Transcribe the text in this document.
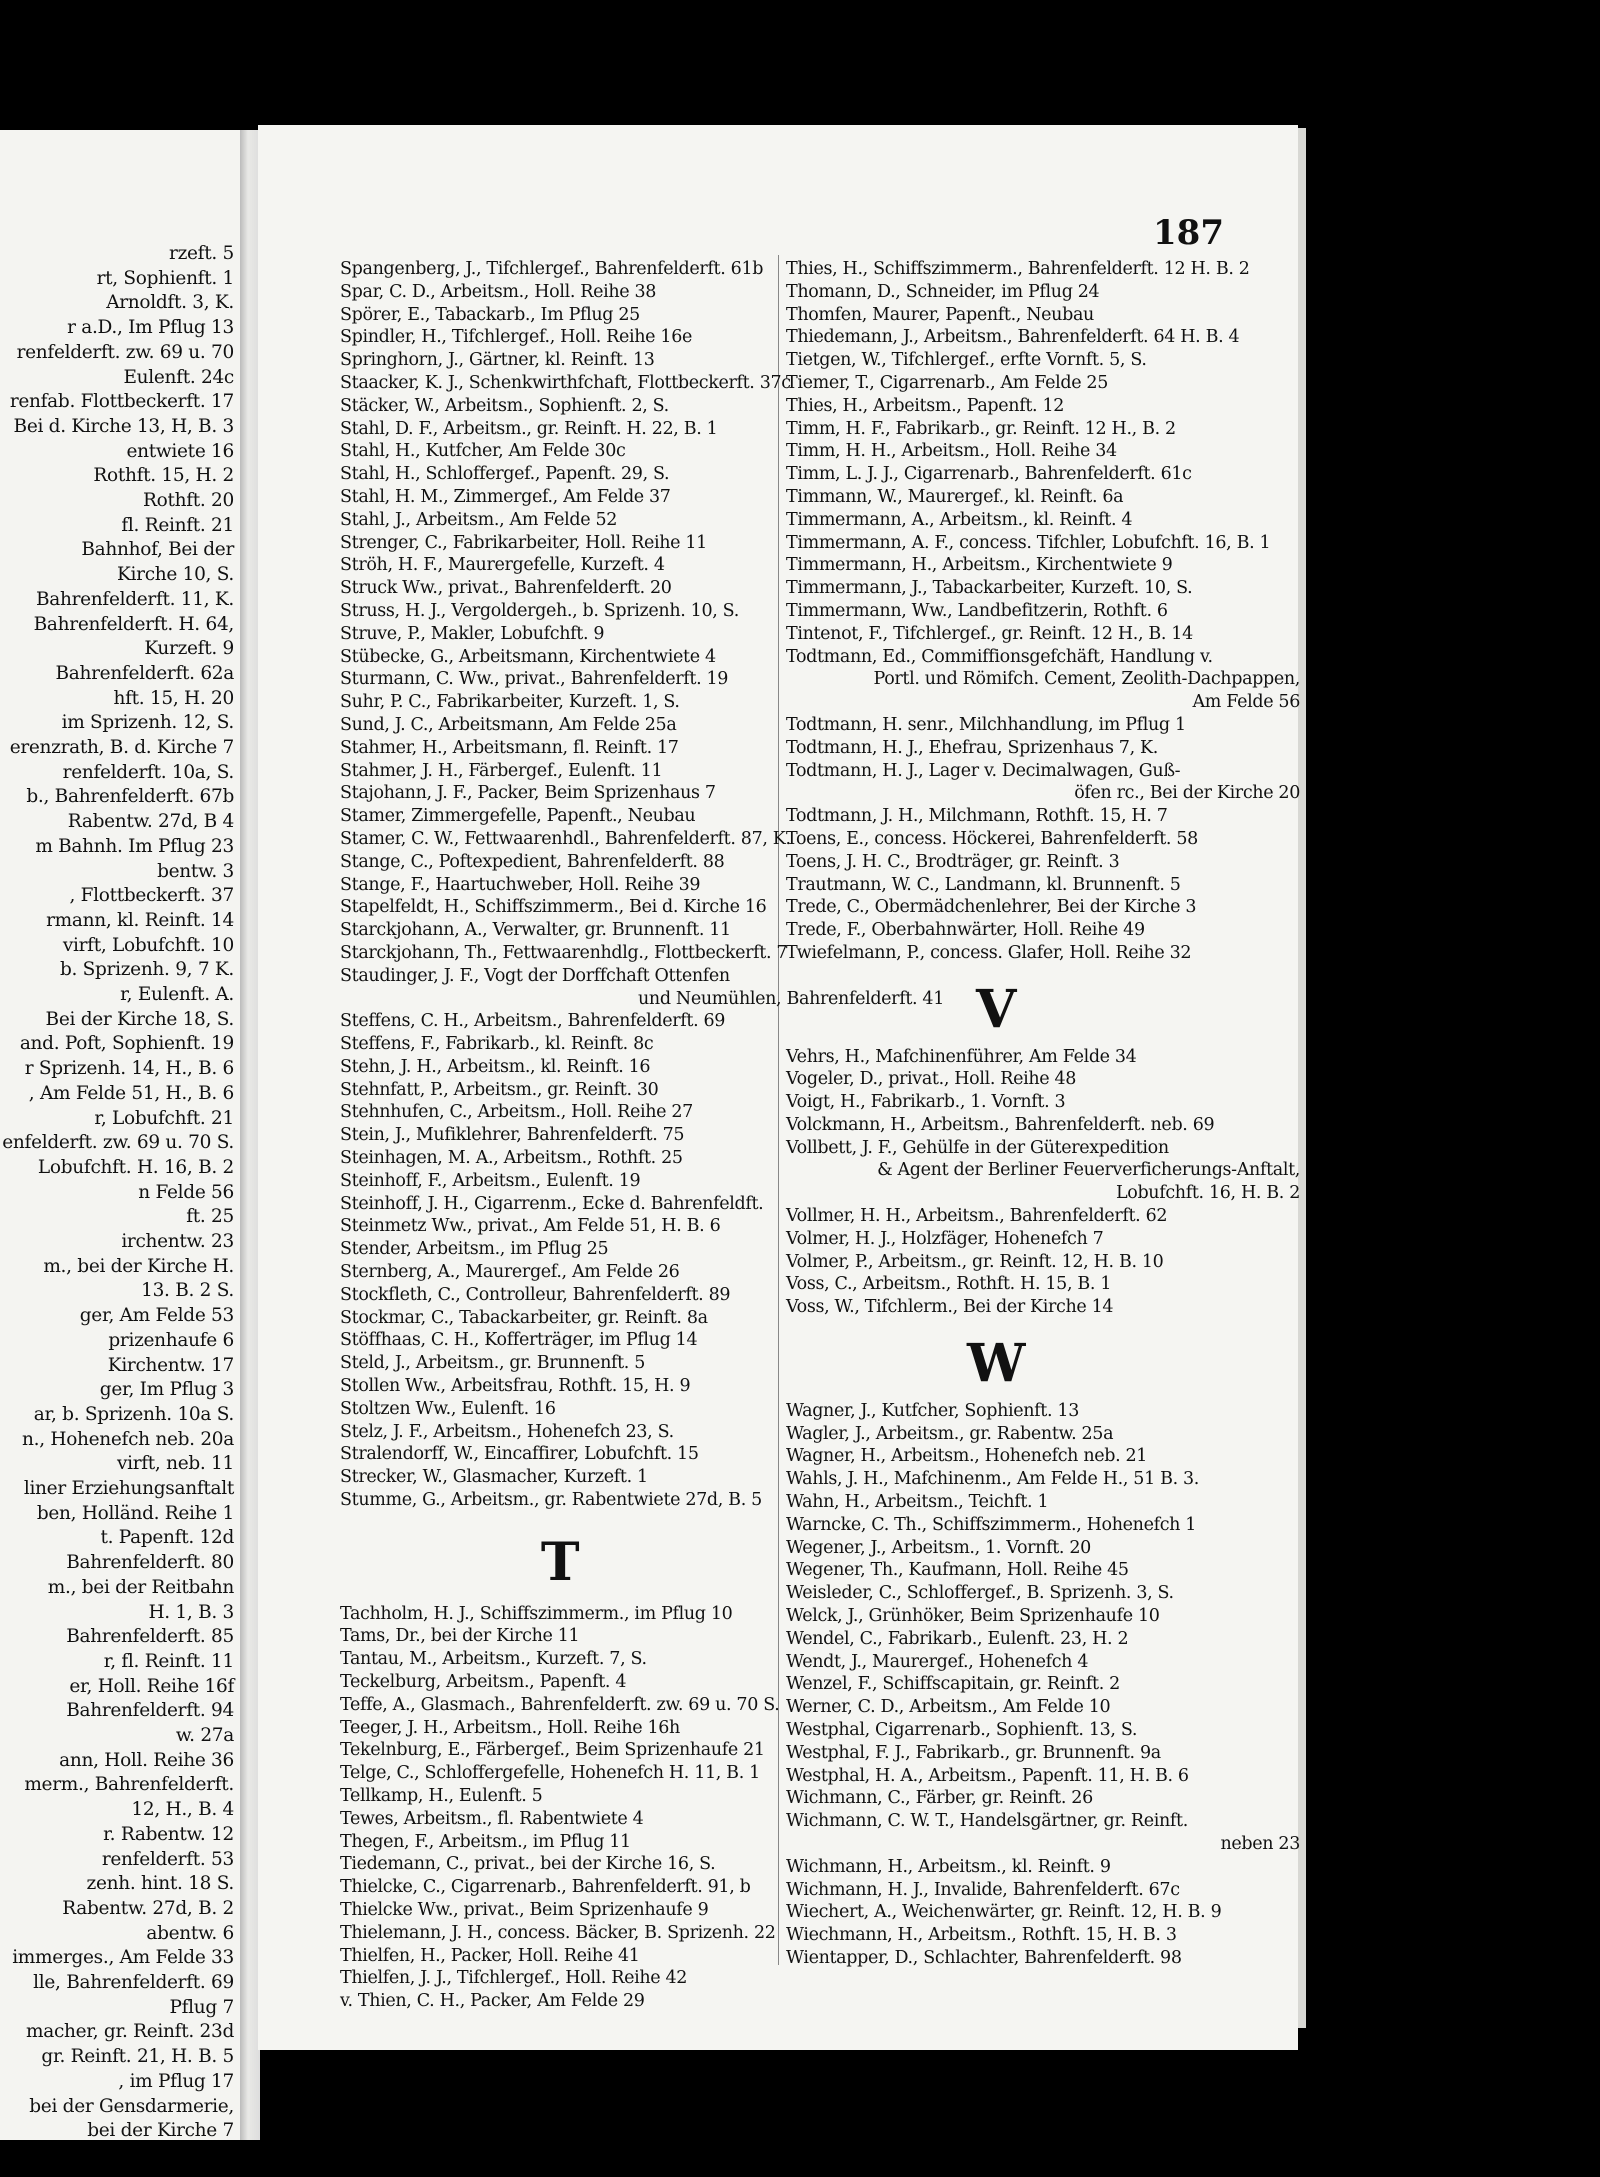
rzeft. 5
rt, Sophienft. 1
Arnoldft. 3, K.
r a.D., Im Pflug 13
renfelderft. zw. 69 u. 70
Eulenft. 24c
renfab. Flottbeckerft. 17
Bei d. Kirche 13, H, B. 3
entwiete 16
Rothft. 15, H. 2
Rothft. 20
fl. Reinft. 21
Bahnhof, Bei der
Kirche 10, S.
Bahrenfelderft. 11, K.
Bahrenfelderft. H. 64,
Kurzeft. 9
Bahrenfelderft. 62a
hft. 15, H. 20
im Sprizenh. 12, S.
erenzrath, B. d. Kirche 7
renfelderft. 10a, S.
b., Bahrenfelderft. 67b
Rabentw. 27d, B 4
m Bahnh. Im Pflug 23
bentw. 3
, Flottbeckerft. 37
rmann, kl. Reinft. 14
virft, Lobufchft. 10
b. Sprizenh. 9, 7 K.
r, Eulenft. A.
Bei der Kirche 18, S.
and. Poft, Sophienft. 19
r Sprizenh. 14, H., B. 6
, Am Felde 51, H., B. 6
r, Lobufchft. 21
enfelderft. zw. 69 u. 70 S.
Lobufchft. H. 16, B. 2
n Felde 56
ft. 25
irchentw. 23
m., bei der Kirche H.
13. B. 2 S.
ger, Am Felde 53
prizenhaufe 6
Kirchentw. 17
ger, Im Pflug 3
ar, b. Sprizenh. 10a S.
n., Hohenefch neb. 20a
virft, neb. 11
liner Erziehungsanftalt
ben, Holländ. Reihe 1
t. Papenft. 12d
Bahrenfelderft. 80
m., bei der Reitbahn
H. 1, B. 3
Bahrenfelderft. 85
r, fl. Reinft. 11
er, Holl. Reihe 16f
Bahrenfelderft. 94
w. 27a
ann, Holl. Reihe 36
merm., Bahrenfelderft.
12, H., B. 4
r. Rabentw. 12
renfelderft. 53
zenh. hint. 18 S.
Rabentw. 27d, B. 2
abentw. 6
immerges., Am Felde 33
lle, Bahrenfelderft. 69
Pflug 7
macher, gr. Reinft. 23d
gr. Reinft. 21, H. B. 5
, im Pflug 17
bei der Gensdarmerie,
bei der Kirche 7
187
Spangenberg, J., Tifchlergef., Bahrenfelderft. 61b
Spar, C. D., Arbeitsm., Holl. Reihe 38
Spörer, E., Tabackarb., Im Pflug 25
Spindler, H., Tifchlergef., Holl. Reihe 16e
Springhorn, J., Gärtner, kl. Reinft. 13
Staacker, K. J., Schenkwirthfchaft, Flottbeckerft. 37c
Stäcker, W., Arbeitsm., Sophienft. 2, S.
Stahl, D. F., Arbeitsm., gr. Reinft. H. 22, B. 1
Stahl, H., Kutfcher, Am Felde 30c
Stahl, H., Schloffergef., Papenft. 29, S.
Stahl, H. M., Zimmergef., Am Felde 37
Stahl, J., Arbeitsm., Am Felde 52
Strenger, C., Fabrikarbeiter, Holl. Reihe 11
Ströh, H. F., Maurergefelle, Kurzeft. 4
Struck Ww., privat., Bahrenfelderft. 20
Struss, H. J., Vergoldergeh., b. Sprizenh. 10, S.
Struve, P., Makler, Lobufchft. 9
Stübecke, G., Arbeitsmann, Kirchentwiete 4
Sturmann, C. Ww., privat., Bahrenfelderft. 19
Suhr, P. C., Fabrikarbeiter, Kurzeft. 1, S.
Sund, J. C., Arbeitsmann, Am Felde 25a
Stahmer, H., Arbeitsmann, fl. Reinft. 17
Stahmer, J. H., Färbergef., Eulenft. 11
Stajohann, J. F., Packer, Beim Sprizenhaus 7
Stamer, Zimmergefelle, Papenft., Neubau
Stamer, C. W., Fettwaarenhdl., Bahrenfelderft. 87, K.
Stange, C., Poftexpedient, Bahrenfelderft. 88
Stange, F., Haartuchweber, Holl. Reihe 39
Stapelfeldt, H., Schiffszimmerm., Bei d. Kirche 16
Starckjohann, A., Verwalter, gr. Brunnenft. 11
Starckjohann, Th., Fettwaarenhdlg., Flottbeckerft. 7
Staudinger, J. F., Vogt der Dorffchaft Ottenfen
und Neumühlen, Bahrenfelderft. 41
Steffens, C. H., Arbeitsm., Bahrenfelderft. 69
Steffens, F., Fabrikarb., kl. Reinft. 8c
Stehn, J. H., Arbeitsm., kl. Reinft. 16
Stehnfatt, P., Arbeitsm., gr. Reinft. 30
Stehnhufen, C., Arbeitsm., Holl. Reihe 27
Stein, J., Mufiklehrer, Bahrenfelderft. 75
Steinhagen, M. A., Arbeitsm., Rothft. 25
Steinhoff, F., Arbeitsm., Eulenft. 19
Steinhoff, J. H., Cigarrenm., Ecke d. Bahrenfeldft.
Steinmetz Ww., privat., Am Felde 51, H. B. 6
Stender, Arbeitsm., im Pflug 25
Sternberg, A., Maurergef., Am Felde 26
Stockfleth, C., Controlleur, Bahrenfelderft. 89
Stockmar, C., Tabackarbeiter, gr. Reinft. 8a
Stöffhaas, C. H., Kofferträger, im Pflug 14
Steld, J., Arbeitsm., gr. Brunnenft. 5
Stollen Ww., Arbeitsfrau, Rothft. 15, H. 9
Stoltzen Ww., Eulenft. 16
Stelz, J. F., Arbeitsm., Hohenefch 23, S.
Stralendorff, W., Eincaffirer, Lobufchft. 15
Strecker, W., Glasmacher, Kurzeft. 1
Stumme, G., Arbeitsm., gr. Rabentwiete 27d, B. 5
T
Tachholm, H. J., Schiffszimmerm., im Pflug 10
Tams, Dr., bei der Kirche 11
Tantau, M., Arbeitsm., Kurzeft. 7, S.
Teckelburg, Arbeitsm., Papenft. 4
Teffe, A., Glasmach., Bahrenfelderft. zw. 69 u. 70 S.
Teeger, J. H., Arbeitsm., Holl. Reihe 16h
Tekelnburg, E., Färbergef., Beim Sprizenhaufe 21
Telge, C., Schloffergefelle, Hohenefch H. 11, B. 1
Tellkamp, H., Eulenft. 5
Tewes, Arbeitsm., fl. Rabentwiete 4
Thegen, F., Arbeitsm., im Pflug 11
Tiedemann, C., privat., bei der Kirche 16, S.
Thielcke, C., Cigarrenarb., Bahrenfelderft. 91, b
Thielcke Ww., privat., Beim Sprizenhaufe 9
Thielemann, J. H., concess. Bäcker, B. Sprizenh. 22
Thielfen, H., Packer, Holl. Reihe 41
Thielfen, J. J., Tifchlergef., Holl. Reihe 42
v. Thien, C. H., Packer, Am Felde 29
Thies, H., Schiffszimmerm., Bahrenfelderft. 12 H. B. 2
Thomann, D., Schneider, im Pflug 24
Thomfen, Maurer, Papenft., Neubau
Thiedemann, J., Arbeitsm., Bahrenfelderft. 64 H. B. 4
Tietgen, W., Tifchlergef., erfte Vornft. 5, S.
Tiemer, T., Cigarrenarb., Am Felde 25
Thies, H., Arbeitsm., Papenft. 12
Timm, H. F., Fabrikarb., gr. Reinft. 12 H., B. 2
Timm, H. H., Arbeitsm., Holl. Reihe 34
Timm, L. J. J., Cigarrenarb., Bahrenfelderft. 61c
Timmann, W., Maurergef., kl. Reinft. 6a
Timmermann, A., Arbeitsm., kl. Reinft. 4
Timmermann, A. F., concess. Tifchler, Lobufchft. 16, B. 1
Timmermann, H., Arbeitsm., Kirchentwiete 9
Timmermann, J., Tabackarbeiter, Kurzeft. 10, S.
Timmermann, Ww., Landbefitzerin, Rothft. 6
Tintenot, F., Tifchlergef., gr. Reinft. 12 H., B. 14
Todtmann, Ed., Commiffionsgefchäft, Handlung v.
Portl. und Römifch. Cement, Zeolith-Dachpappen,
Am Felde 56
Todtmann, H. senr., Milchhandlung, im Pflug 1
Todtmann, H. J., Ehefrau, Sprizenhaus 7, K.
Todtmann, H. J., Lager v. Decimalwagen, Guß-
öfen rc., Bei der Kirche 20
Todtmann, J. H., Milchmann, Rothft. 15, H. 7
Toens, E., concess. Höckerei, Bahrenfelderft. 58
Toens, J. H. C., Brodträger, gr. Reinft. 3
Trautmann, W. C., Landmann, kl. Brunnenft. 5
Trede, C., Obermädchenlehrer, Bei der Kirche 3
Trede, F., Oberbahnwärter, Holl. Reihe 49
Twiefelmann, P., concess. Glafer, Holl. Reihe 32
V
Vehrs, H., Mafchinenführer, Am Felde 34
Vogeler, D., privat., Holl. Reihe 48
Voigt, H., Fabrikarb., 1. Vornft. 3
Volckmann, H., Arbeitsm., Bahrenfelderft. neb. 69
Vollbett, J. F., Gehülfe in der Güterexpedition
& Agent der Berliner Feuerverficherungs-Anftalt,
Lobufchft. 16, H. B. 2
Vollmer, H. H., Arbeitsm., Bahrenfelderft. 62
Volmer, H. J., Holzfäger, Hohenefch 7
Volmer, P., Arbeitsm., gr. Reinft. 12, H. B. 10
Voss, C., Arbeitsm., Rothft. H. 15, B. 1
Voss, W., Tifchlerm., Bei der Kirche 14
W
Wagner, J., Kutfcher, Sophienft. 13
Wagler, J., Arbeitsm., gr. Rabentw. 25a
Wagner, H., Arbeitsm., Hohenefch neb. 21
Wahls, J. H., Mafchinenm., Am Felde H., 51 B. 3.
Wahn, H., Arbeitsm., Teichft. 1
Warncke, C. Th., Schiffszimmerm., Hohenefch 1
Wegener, J., Arbeitsm., 1. Vornft. 20
Wegener, Th., Kaufmann, Holl. Reihe 45
Weisleder, C., Schloffergef., B. Sprizenh. 3, S.
Welck, J., Grünhöker, Beim Sprizenhaufe 10
Wendel, C., Fabrikarb., Eulenft. 23, H. 2
Wendt, J., Maurergef., Hohenefch 4
Wenzel, F., Schiffscapitain, gr. Reinft. 2
Werner, C. D., Arbeitsm., Am Felde 10
Westphal, Cigarrenarb., Sophienft. 13, S.
Westphal, F. J., Fabrikarb., gr. Brunnenft. 9a
Westphal, H. A., Arbeitsm., Papenft. 11, H. B. 6
Wichmann, C., Färber, gr. Reinft. 26
Wichmann, C. W. T., Handelsgärtner, gr. Reinft.
neben 23
Wichmann, H., Arbeitsm., kl. Reinft. 9
Wichmann, H. J., Invalide, Bahrenfelderft. 67c
Wiechert, A., Weichenwärter, gr. Reinft. 12, H. B. 9
Wiechmann, H., Arbeitsm., Rothft. 15, H. B. 3
Wientapper, D., Schlachter, Bahrenfelderft. 98
